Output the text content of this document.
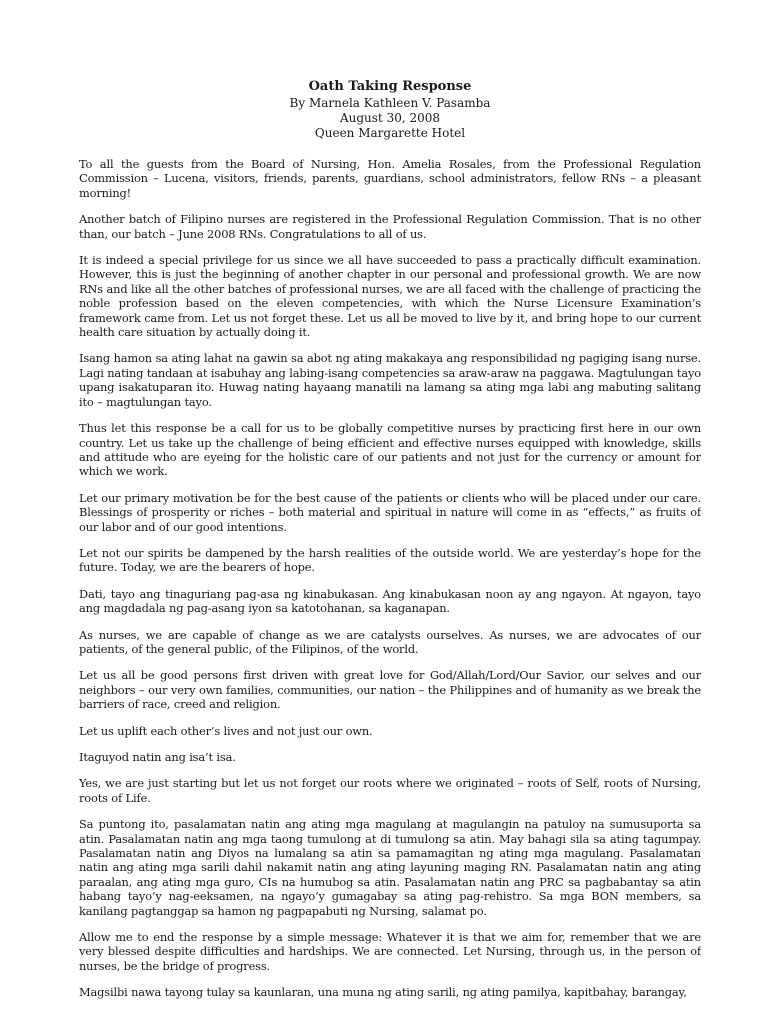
Oath Taking Response

By Marnela Kathleen V. Pasamba

August 30, 2008

Queen Margarette Hotel

To all the guests from the Board of Nursing, Hon. Amelia Rosales, from the Professional Regulation Commission – Lucena, visitors, friends, parents, guardians, school administrators, fellow RNs – a pleasant morning!

Another batch of Filipino nurses are registered in the Professional Regulation Commission. That is no other than, our batch – June 2008 RNs. Congratulations to all of us.

It is indeed a special privilege for us since we all have succeeded to pass a practically difficult examination. However, this is just the beginning of another chapter in our personal and professional growth. We are now RNs and like all the other batches of professional nurses, we are all faced with the challenge of practicing the noble profession based on the eleven competencies, with which the Nurse Licensure Examination’s framework came from. Let us not forget these. Let us all be moved to live by it, and bring hope to our current health care situation by actually doing it.

Isang hamon sa ating lahat na gawin sa abot ng ating makakaya ang responsibilidad ng pagiging isang nurse. Lagi nating tandaan at isabuhay ang labing-isang competencies sa araw-araw na paggawa. Magtulungan tayo upang isakatuparan ito. Huwag nating hayaang manatili na lamang sa ating mga labi ang mabuting salitang ito – magtulungan tayo.

Thus let this response be a call for us to be globally competitive nurses by practicing first here in our own country. Let us take up the challenge of being efficient and effective nurses equipped with knowledge, skills and attitude who are eyeing for the holistic care of our patients and not just for the currency or amount for which we work.

Let our primary motivation be for the best cause of the patients or clients who will be placed under our care. Blessings of prosperity or riches – both material and spiritual in nature will come in as “effects,” as fruits of our labor and of our good intentions.

Let not our spirits be dampened by the harsh realities of the outside world. We are yesterday’s hope for the future. Today, we are the bearers of hope.

Dati, tayo ang tinaguriang pag-asa ng kinabukasan. Ang kinabukasan noon ay ang ngayon. At ngayon, tayo ang magdadala ng pag-asang iyon sa katotohanan, sa kaganapan.

As nurses, we are capable of change as we are catalysts ourselves. As nurses, we are advocates of our patients, of the general public, of the Filipinos, of the world.

Let us all be good persons first driven with great love for God/Allah/Lord/Our Savior, our selves and our neighbors – our very own families, communities, our nation – the Philippines and of humanity as we break the barriers of race, creed and religion.

Let us uplift each other’s lives and not just our own.

Itaguyod natin ang isa’t isa.

Yes, we are just starting but let us not forget our roots where we originated – roots of Self, roots of Nursing, roots of Life.

Sa puntong ito, pasalamatan natin ang ating mga magulang at magulangin na patuloy na sumusuporta sa atin. Pasalamatan natin ang mga taong tumulong at di tumulong sa atin. May bahagi sila sa ating tagumpay. Pasalamatan natin ang Diyos na lumalang sa atin sa pamamagitan ng ating mga magulang. Pasalamatan natin ang ating mga sarili dahil nakamit natin ang ating layuning maging RN. Pasalamatan natin ang ating paraalan, ang ating mga guro, CIs na humubog sa atin. Pasalamatan natin ang PRC sa pagbabantay sa atin habang tayo’y nag-eeksamen, na ngayo’y gumagabay sa ating pag-rehistro. Sa mga BON members, sa kanilang pagtanggap sa hamon ng pagpapabuti ng Nursing, salamat po.

Allow me to end the response by a simple message: Whatever it is that we aim for, remember that we are very blessed despite difficulties and hardships. We are connected. Let Nursing, through us, in the person of nurses, be the bridge of progress.

Magsilbi nawa tayong tulay sa kaunlaran, una muna ng ating sarili, ng ating pamilya, kapitbahay, barangay,
